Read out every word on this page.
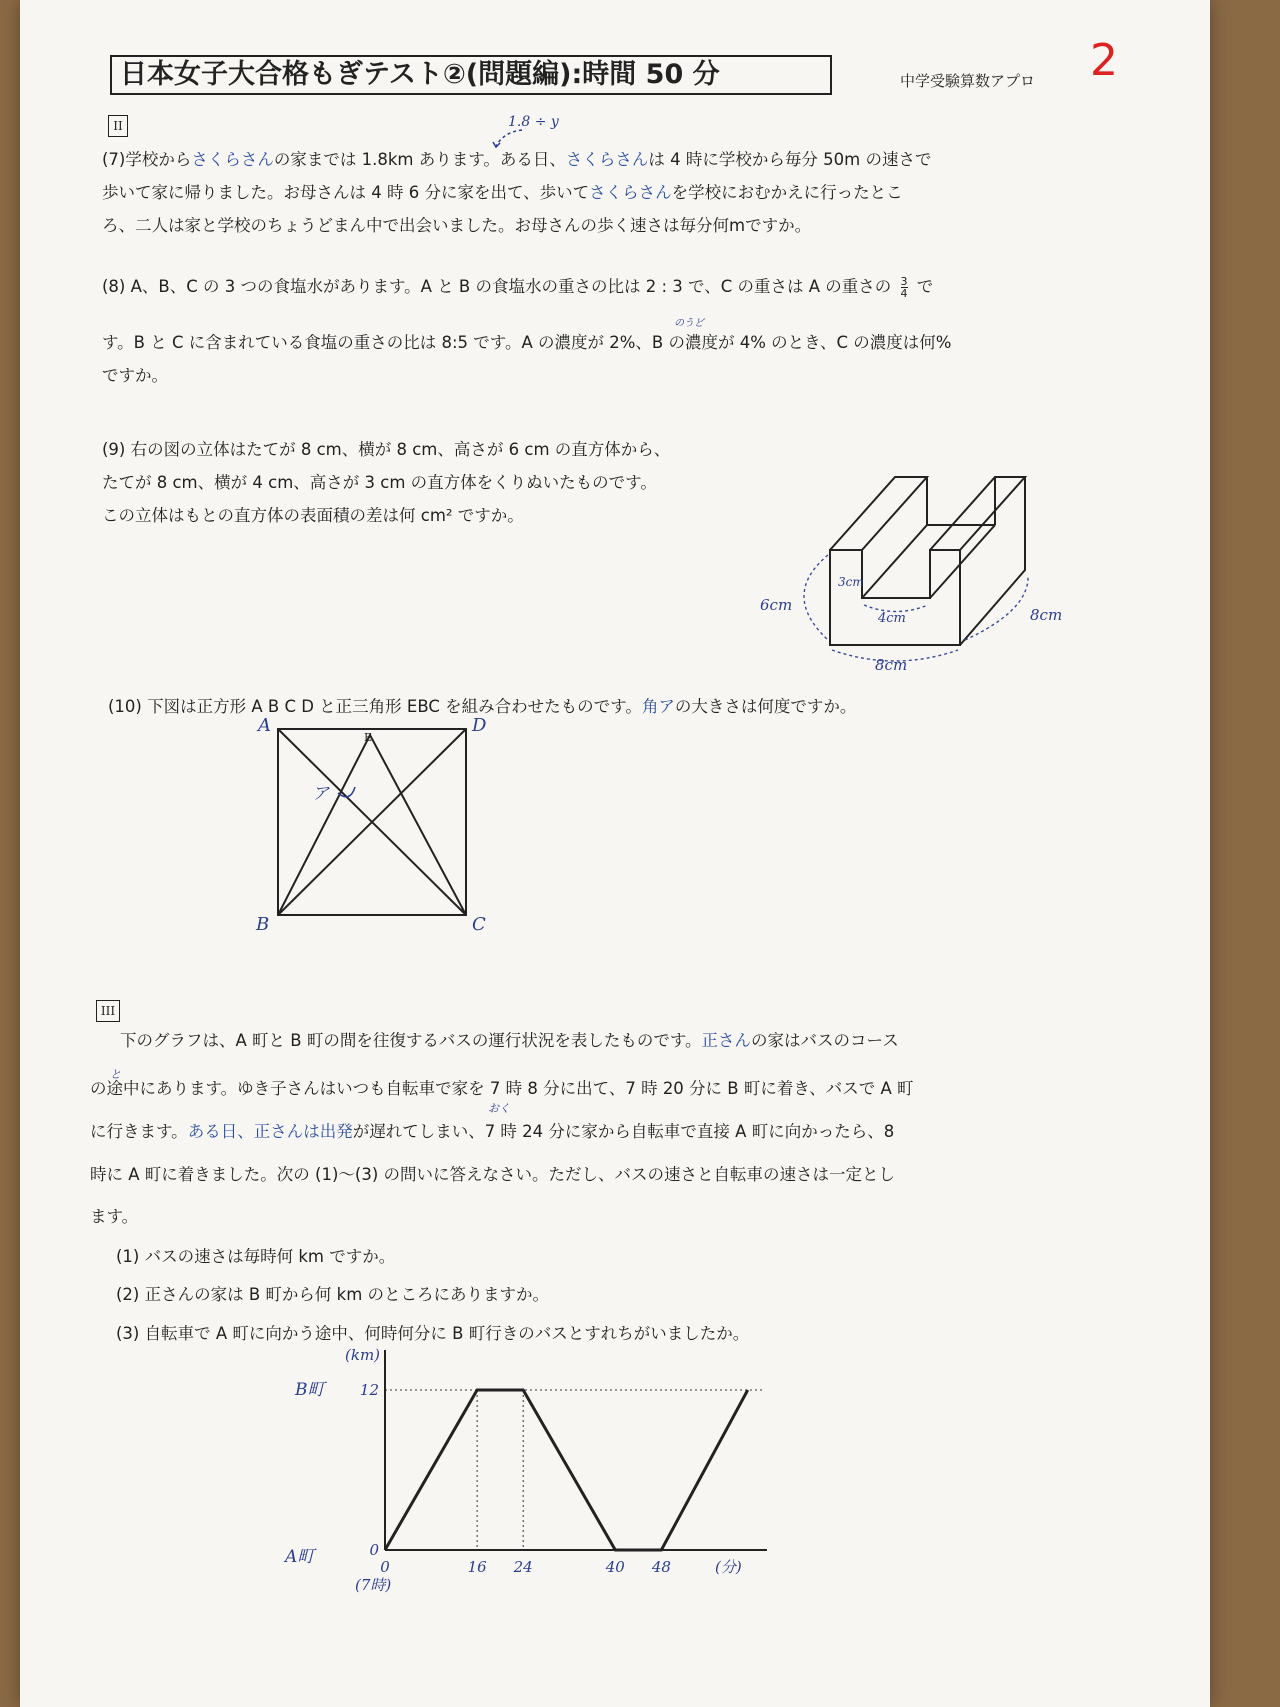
日本女子大合格もぎテスト②(問題編):時間 50 分	中学受験算数アプロ 2
II	1.8 ÷ y
(7)学校からさくらさんの家までは 1.8km あります。ある日、さくらさんは 4 時に学校から毎分 50m の速さで
歩いて家に帰りました。お母さんは 4 時 6 分に家を出て、歩いてさくらさんを学校におむかえに行ったとこ
ろ、二人は家と学校のちょうどまん中で出会いました。お母さんの歩く速さは毎分何mですか。
(8) A、B、C の 3 つの食塩水があります。A と B の食塩水の重さの比は 2 : 3 で、C の重さは A の重さの $\frac{3}{4}$ で
のうど
す。B と C に含まれている食塩の重さの比は 8:5 です。A の濃度が 2%、B の濃度が 4% のとき、C の濃度は何%
ですか。
(9) 右の図の立体はたてが 8 cm、横が 8 cm、高さが 6 cm の直方体から、
たてが 8 cm、横が 4 cm、高さが 3 cm の直方体をくりぬいたものです。
この立体はもとの直方体の表面積の差は何 cm² ですか。
6cm
3cm
4cm	8cm
8cm
(10) 下図は正方形 A B C D と正三角形 EBC を組み合わせたものです。角アの大きさは何度ですか。
A	D
B	C
E
ア
III
下のグラフは、A 町と B 町の間を往復するバスの運行状況を表したものです。正さんの家はバスのコース
と
の途中にあります。ゆき子さんはいつも自転車で家を 7 時 8 分に出て、7 時 20 分に B 町に着き、バスで A 町
おく
に行きます。ある日、正さんは出発が遅れてしまい、7 時 24 分に家から自転車で直接 A 町に向かったら、8
時に A 町に着きました。次の (1)〜(3) の問いに答えなさい。ただし、バスの速さと自転車の速さは一定とし
ます。
(1) バスの速さは毎時何 km ですか。
(2) 正さんの家は B 町から何 km のところにありますか。
(3) 自転車で A 町に向かう途中、何時何分に B 町行きのバスとすれちがいましたか。
0	16 24	40 48
0
12
(km)
B町
A町	(分)
(7時)
